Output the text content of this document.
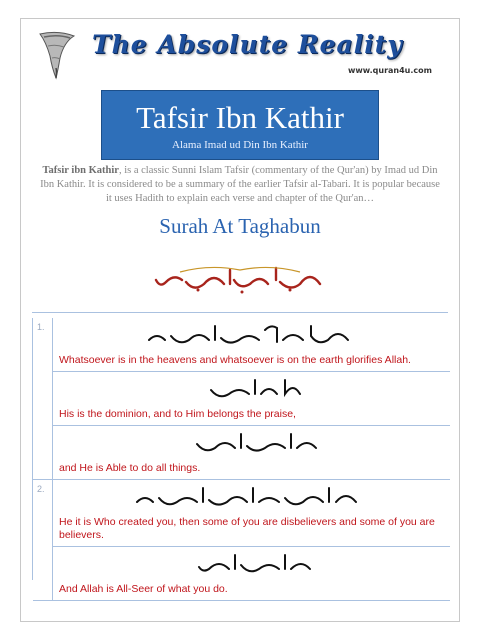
The Absolute Reality
www.quran4u.com
Tafsir Ibn Kathir
Alama Imad ud Din Ibn Kathir
Tafsir ibn Kathir, is a classic Sunni Islam Tafsir (commentary of the Qur'an) by Imad ud Din Ibn Kathir. It is considered to be a summary of the earlier Tafsir al-Tabari. It is popular because it uses Hadith to explain each verse and chapter of the Qur'an…
Surah At Taghabun
1.
Whatsoever is in the heavens and whatsoever is on the earth glorifies Allah.
His is the dominion, and to Him belongs the praise,
and He is Able to do all things.
2.
He it is Who created you, then some of you are disbelievers and some of you are believers.
And Allah is All-Seer of what you do.
